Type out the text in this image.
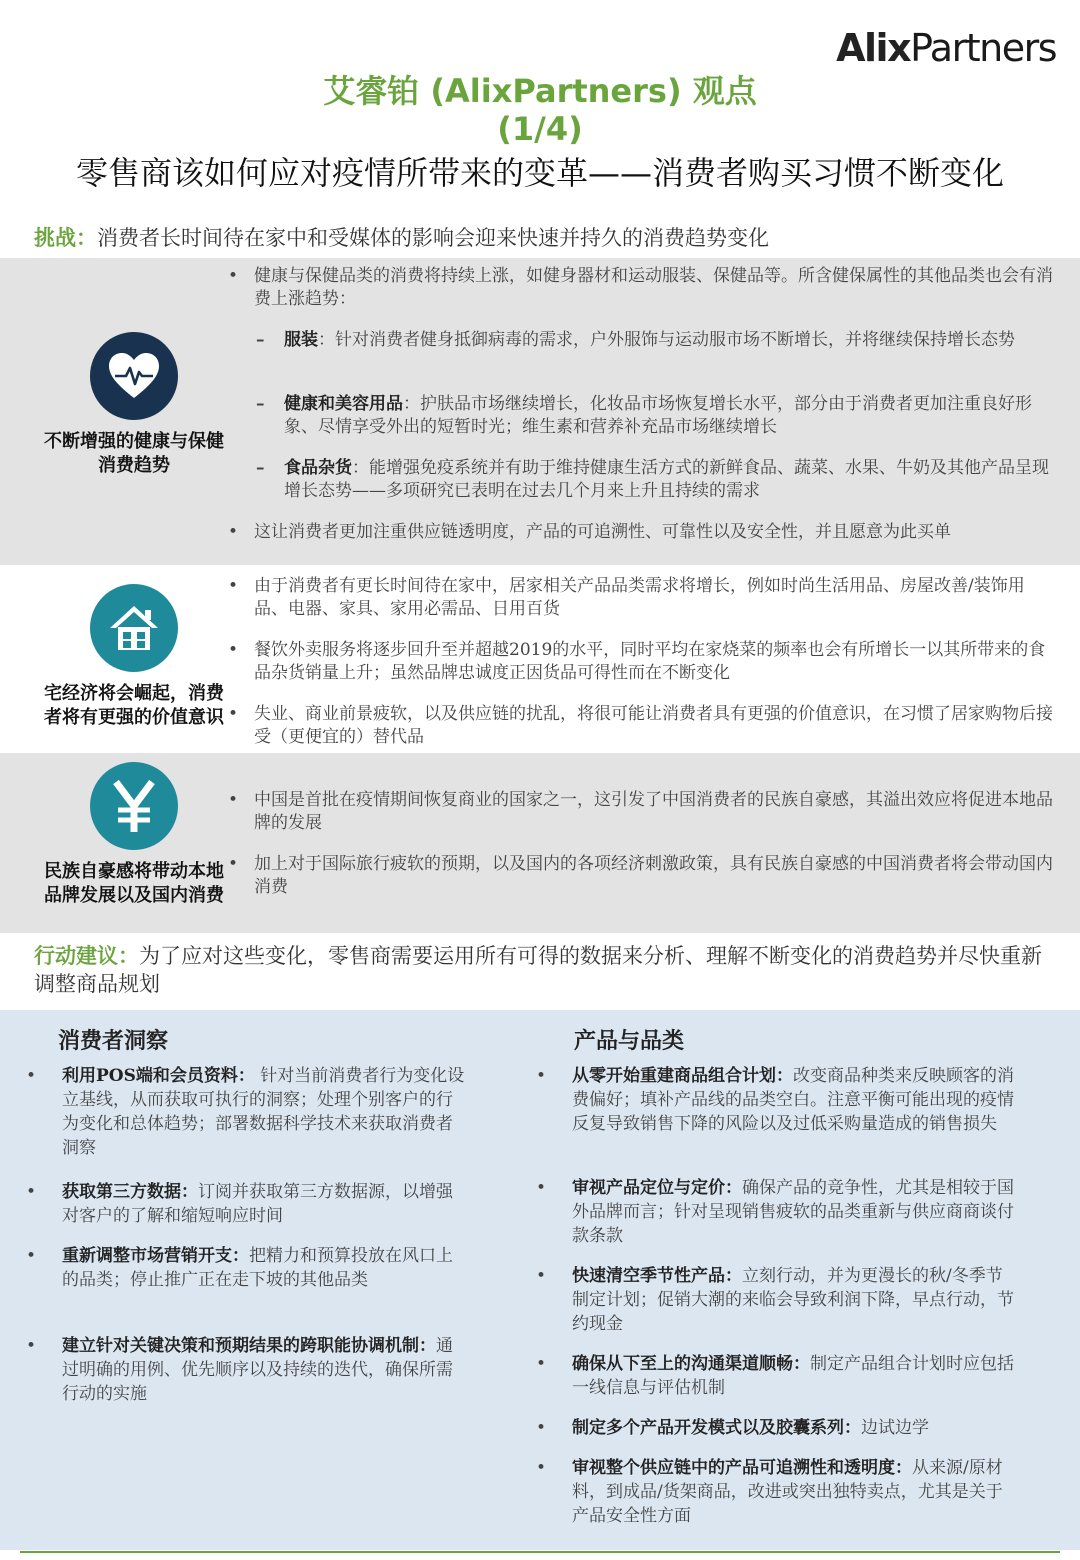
AlixPartners
艾睿铂 (AlixPartners) 观点
(1/4)
零售商该如何应对疫情所带来的变革——消费者购买习惯不断变化
挑战：消费者长时间待在家中和受媒体的影响会迎来快速并持久的消费趋势变化
不断增强的健康与保健消费趋势
• 健康与保健品类的消费将持续上涨，如健身器材和运动服装、保健品等。所含健保属性的其他品类也会有消费上涨趋势：
–	服装：针对消费者健身抵御病毒的需求，户外服饰与运动服市场不断增长，并将继续保持增长态势
–	健康和美容用品：护肤品市场继续增长，化妆品市场恢复增长水平，部分由于消费者更加注重良好形象、尽情享受外出的短暂时光；维生素和营养补充品市场继续增长
–	食品杂货：能增强免疫系统并有助于维持健康生活方式的新鲜食品、蔬菜、水果、牛奶及其他产品呈现增长态势——多项研究已表明在过去几个月来上升且持续的需求
• 这让消费者更加注重供应链透明度，产品的可追溯性、可靠性以及安全性，并且愿意为此买单
宅经济将会崛起，消费者将有更强的价值意识
• 由于消费者有更长时间待在家中，居家相关产品品类需求将增长，例如时尚生活用品、房屋改善/装饰用品、电器、家具、家用必需品、日用百货
• 餐饮外卖服务将逐步回升至并超越2019的水平，同时平均在家烧菜的频率也会有所增长一以其所带来的食品杂货销量上升；虽然品牌忠诚度正因货品可得性而在不断变化
• 失业、商业前景疲软，以及供应链的扰乱，将很可能让消费者具有更强的价值意识，在习惯了居家购物后接受（更便宜的）替代品
民族自豪感将带动本地品牌发展以及国内消费
• 中国是首批在疫情期间恢复商业的国家之一，这引发了中国消费者的民族自豪感，其溢出效应将促进本地品牌的发展
• 加上对于国际旅行疲软的预期，以及国内的各项经济刺激政策，具有民族自豪感的中国消费者将会带动国内消费
行动建议：为了应对这些变化，零售商需要运用所有可得的数据来分析、理解不断变化的消费趋势并尽快重新调整商品规划
消费者洞察
•	利用POS端和会员资料： 针对当前消费者行为变化设立基线，从而获取可执行的洞察；处理个别客户的行为变化和总体趋势；部署数据科学技术来获取消费者洞察
•	获取第三方数据：订阅并获取第三方数据源，以增强对客户的了解和缩短响应时间
•	重新调整市场营销开支：把精力和预算投放在风口上的品类；停止推广正在走下坡的其他品类
•	建立针对关键决策和预期结果的跨职能协调机制：通过明确的用例、优先顺序以及持续的迭代，确保所需行动的实施
产品与品类
•	从零开始重建商品组合计划：改变商品种类来反映顾客的消费偏好；填补产品线的品类空白。注意平衡可能出现的疫情反复导致销售下降的风险以及过低采购量造成的销售损失
•	审视产品定位与定价：确保产品的竞争性，尤其是相较于国外品牌而言；针对呈现销售疲软的品类重新与供应商商谈付款条款
•	快速清空季节性产品：立刻行动，并为更漫长的秋/冬季节制定计划；促销大潮的来临会导致利润下降，早点行动，节约现金
•	确保从下至上的沟通渠道顺畅：制定产品组合计划时应包括一线信息与评估机制
•	制定多个产品开发模式以及胶囊系列：边试边学
•	审视整个供应链中的产品可追溯性和透明度：从来源/原材料，到成品/货架商品，改进或突出独特卖点，尤其是关于产品安全性方面
